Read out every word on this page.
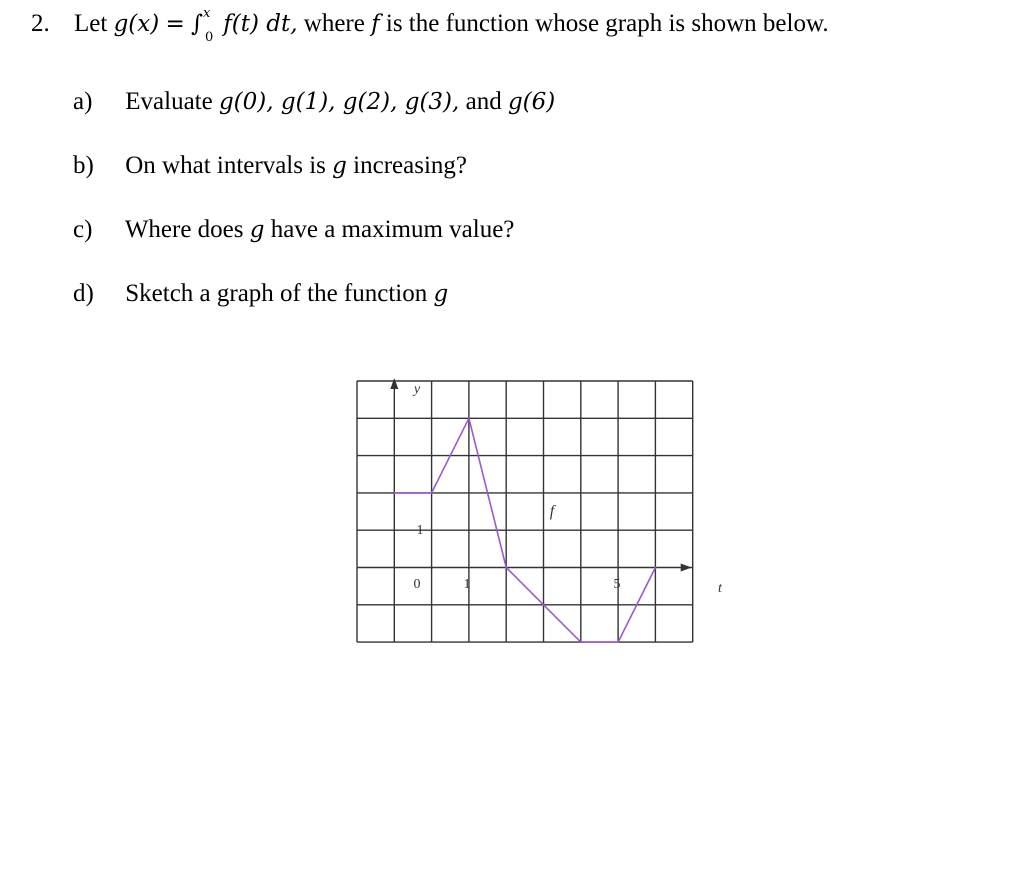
2. Let g(x) = ∫ x
0
f(t) dt, where f is the function whose graph is shown below.
a) Evaluate g(0), g(1), g(2), g(3), and g(6)
b) On what intervals is g increasing?
c) Where does g have a maximum value?
d) Sketch a graph of the function g
y
t
f
0	1	5
1
